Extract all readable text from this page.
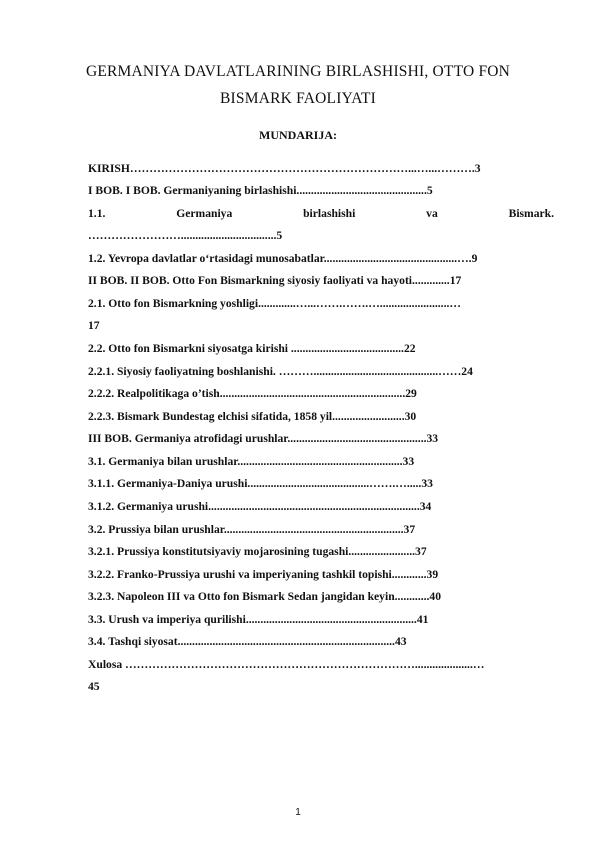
GERMANIYA DAVLATLARINING BIRLASHISHI, OTTO FON
BISMARK FAOLIYATI
MUNDARIJA:
KIRISH………………………………………………………………...…...……….3
I BOB. I BOB. Germaniyaning birlashishi.............................................5
1.1.	Germaniya	birlashishi	va	Bismark.
…………………….................................5
1.2. Yevropa davlatlar o‘rtasidagi munosabatlar..............................................….9
II BOB. II BOB. Otto Fon Bismarkning siyosiy faoliyati va hayoti.............17
2.1. Otto fon Bismarkning yoshligi.............…...…….…….…........................…
17
2.2. Otto fon Bismarkni siyosatga kirishi .......................................22
2.2.1. Siyosiy faoliyatning boshlanishi. ………...........................................……24
2.2.2. Realpolitikaga o’tish................................................................29
2.2.3. Bismark Bundestag elchisi sifatida, 1858 yil.........................30
III BOB. Germaniya atrofidagi urushlar................................................33
3.1. Germaniya bilan urushlar.........................................................33
3.1.1. Germaniya-Daniya urushi..........................................…….….....33
3.1.2. Germaniya urushi.........................................................................34
3.2. Prussiya bilan urushlar..............................................................37
3.2.1. Prussiya konstitutsiyaviy mojarosining tugashi.......................37
3.2.2. Franko-Prussiya urushi va imperiyaning tashkil topishi............39
3.2.3. Napoleon III va Otto fon Bismark Sedan jangidan keyin............40
3.3. Urush va imperiya qurilishi...........................................................41
3.4. Tashqi siyosat...........................................................................43
Xulosa …………………………………………………………………....................…
45
1
